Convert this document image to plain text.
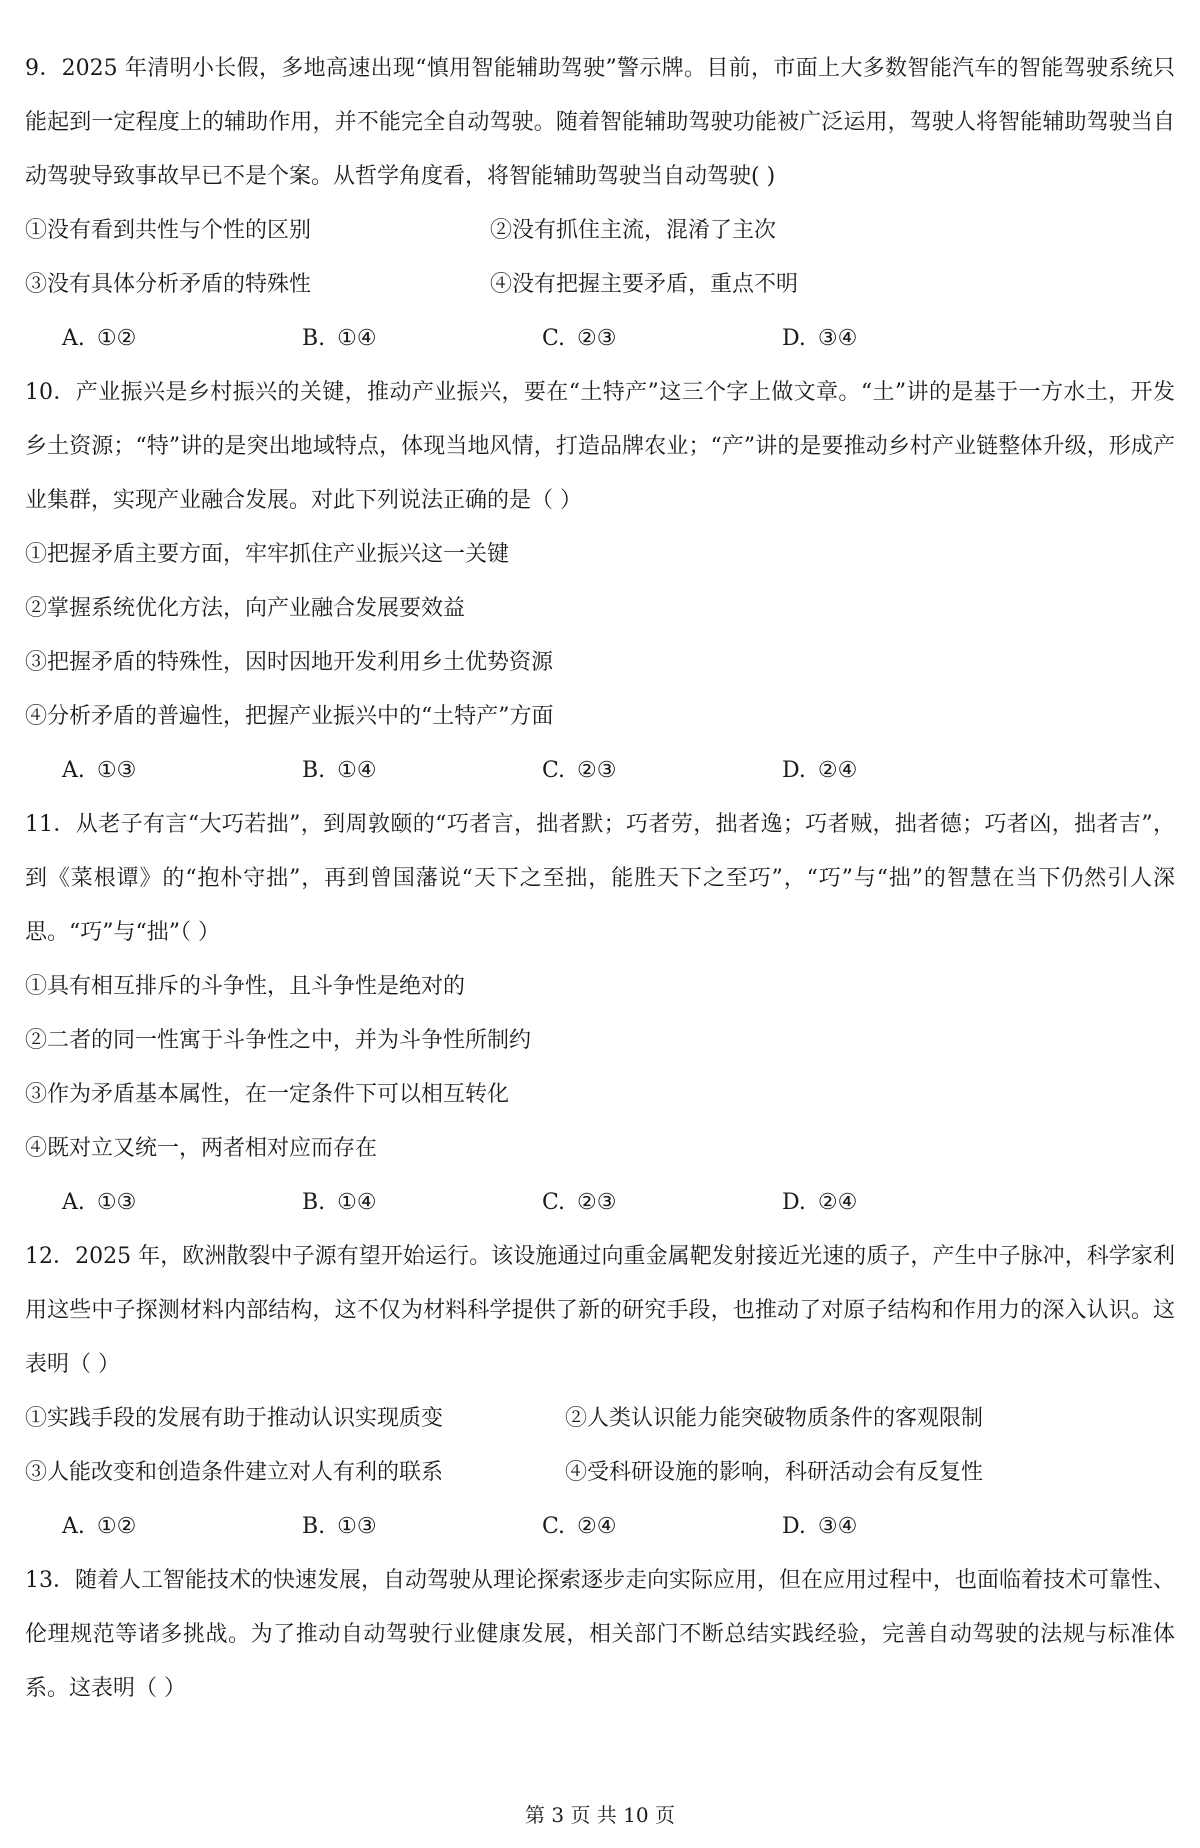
9．2025 年清明小长假，多地高速出现“慎用智能辅助驾驶”警示牌。目前，市面上大多数智能汽车的智能驾驶系统只能起到一定程度上的辅助作用，并不能完全自动驾驶。随着智能辅助驾驶功能被广泛运用，驾驶人将智能辅助驾驶当自动驾驶导致事故早已不是个案。从哲学角度看，将智能辅助驾驶当自动驾驶( )

①没有看到共性与个性的区别	②没有抓住主流，混淆了主次
③没有具体分析矛盾的特殊性	④没有把握主要矛盾，重点不明
A. ①②	B. ①④	C. ②③	D. ③④

10．产业振兴是乡村振兴的关键，推动产业振兴，要在“土特产”这三个字上做文章。“土”讲的是基于一方水土，开发乡土资源；“特”讲的是突出地域特点，体现当地风情，打造品牌农业；“产”讲的是要推动乡村产业链整体升级，形成产业集群，实现产业融合发展。对此下列说法正确的是（ ）

①把握矛盾主要方面，牢牢抓住产业振兴这一关键

②掌握系统优化方法，向产业融合发展要效益

③把握矛盾的特殊性，因时因地开发利用乡土优势资源

④分析矛盾的普遍性，把握产业振兴中的“土特产”方面

A. ①③	B. ①④	C. ②③	D. ②④

11．从老子有言“大巧若拙”，到周敦颐的“巧者言，拙者默；巧者劳，拙者逸；巧者贼，拙者德；巧者凶，拙者吉”，到《菜根谭》的“抱朴守拙”，再到曾国藩说“天下之至拙，能胜天下之至巧”，“巧”与“拙”的智慧在当下仍然引人深思。“巧”与“拙”（ ）

①具有相互排斥的斗争性，且斗争性是绝对的

②二者的同一性寓于斗争性之中，并为斗争性所制约

③作为矛盾基本属性，在一定条件下可以相互转化

④既对立又统一，两者相对应而存在

A. ①③	B. ①④	C. ②③	D. ②④

12．2025 年，欧洲散裂中子源有望开始运行。该设施通过向重金属靶发射接近光速的质子，产生中子脉冲，科学家利用这些中子探测材料内部结构，这不仅为材料科学提供了新的研究手段，也推动了对原子结构和作用力的深入认识。这表明（ ）

①实践手段的发展有助于推动认识实现质变	②人类认识能力能突破物质条件的客观限制
③人能改变和创造条件建立对人有利的联系	④受科研设施的影响，科研活动会有反复性
A. ①②	B. ①③	C. ②④	D. ③④

13．随着人工智能技术的快速发展，自动驾驶从理论探索逐步走向实际应用，但在应用过程中，也面临着技术可靠性、伦理规范等诸多挑战。为了推动自动驾驶行业健康发展，相关部门不断总结实践经验，完善自动驾驶的法规与标准体系。这表明（ ）

第 3 页 共 10 页
